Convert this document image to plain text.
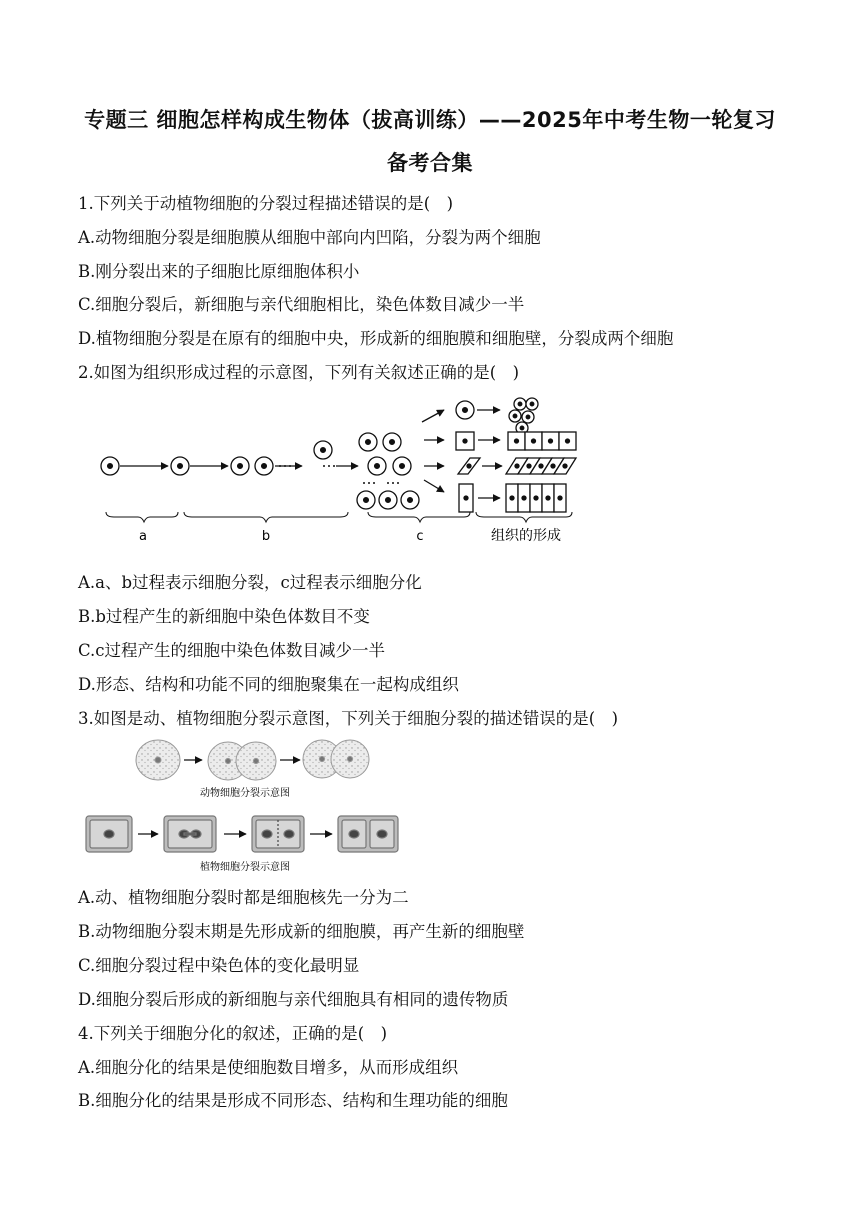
专题三 细胞怎样构成生物体（拔高训练）——2025年中考生物一轮复习
备考合集
1.下列关于动植物细胞的分裂过程描述错误的是(　)
A.动物细胞分裂是细胞膜从细胞中部向内凹陷，分裂为两个细胞
B.刚分裂出来的子细胞比原细胞体积小
C.细胞分裂后，新细胞与亲代细胞相比，染色体数目减少一半
D.植物细胞分裂是在原有的细胞中央，形成新的细胞膜和细胞壁，分裂成两个细胞
2.如图为组织形成过程的示意图，下列有关叙述正确的是(　)
a	b	c	组织的形成
A.a、b过程表示细胞分裂，c过程表示细胞分化
B.b过程产生的新细胞中染色体数目不变
C.c过程产生的细胞中染色体数目减少一半
D.形态、结构和功能不同的细胞聚集在一起构成组织
3.如图是动、植物细胞分裂示意图，下列关于细胞分裂的描述错误的是(　)
动物细胞分裂示意图
植物细胞分裂示意图
A.动、植物细胞分裂时都是细胞核先一分为二
B.动物细胞分裂末期是先形成新的细胞膜，再产生新的细胞壁
C.细胞分裂过程中染色体的变化最明显
D.细胞分裂后形成的新细胞与亲代细胞具有相同的遗传物质
4.下列关于细胞分化的叙述，正确的是(　)
A.细胞分化的结果是使细胞数目增多，从而形成组织
B.细胞分化的结果是形成不同形态、结构和生理功能的细胞
